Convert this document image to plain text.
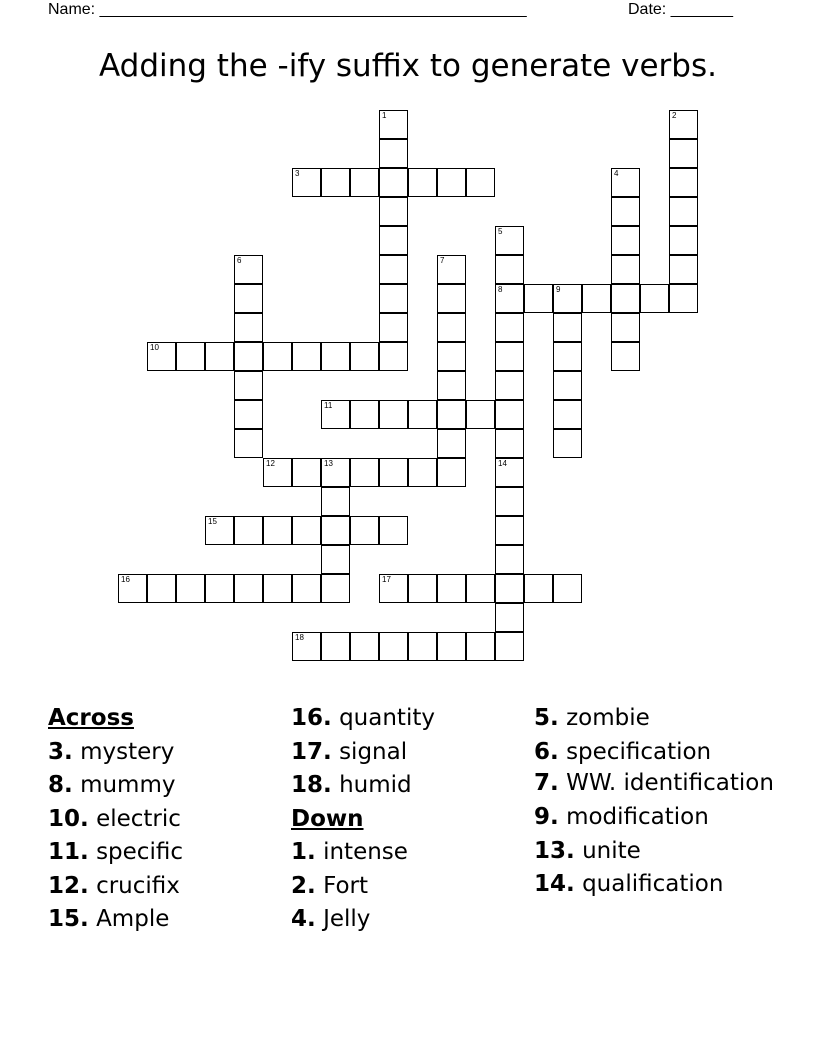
Name: ________________________________________________	Date: _______
Adding the -ify suffix to generate verbs.
3
8	9
10
11
12	13
15
16	17
18
1	2
4
5
6	7
14
Across
3. mystery
8. mummy
10. electric
11. specific
12. crucifix
15. Ample
16. quantity
17. signal
18. humid
Down
1. intense
2. Fort
4. Jelly
5. zombie
6. specification
7. WW. identification
9. modification
13. unite
14. qualification
